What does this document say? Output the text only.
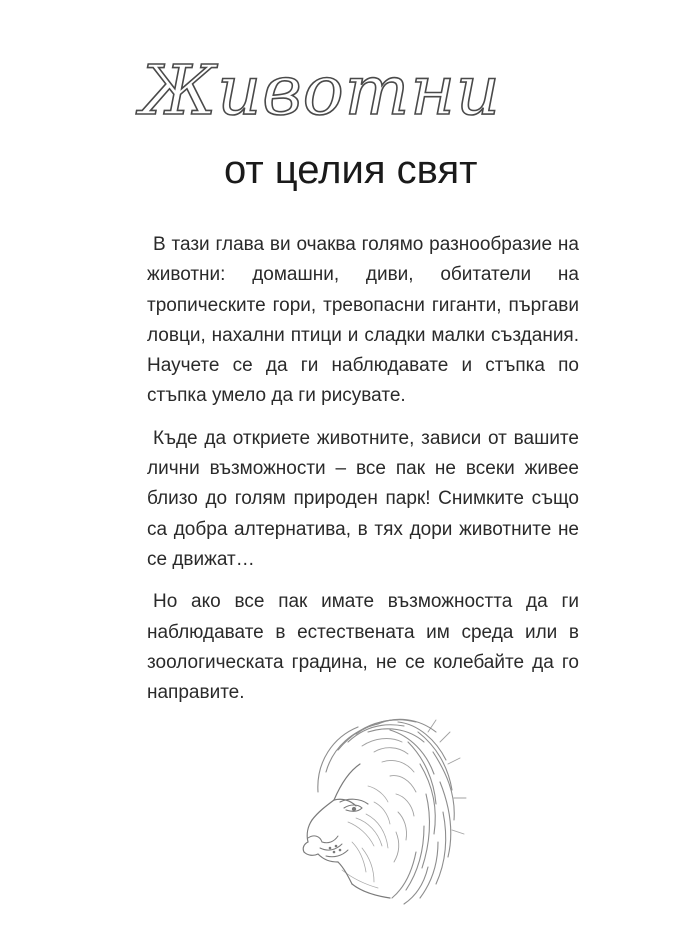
Животни
от целия свят

В тази глава ви очаква голямо разнообразие на животни: домашни, диви, обитатели на тропическите гори, тревопасни гиганти, пъргави ловци, нахални птици и сладки малки създания. Научете се да ги наблюдавате и стъпка по стъпка умело да ги рисувате.

Къде да откриете животните, зависи от вашите лични възможности – все пак не всеки живее близо до голям природен парк! Снимките също са добра алтернатива, в тях дори животните не се движат…

Но ако все пак имате възможността да ги наблюдавате в естествената им среда или в зоологическата градина, не се колебайте да го направите.
